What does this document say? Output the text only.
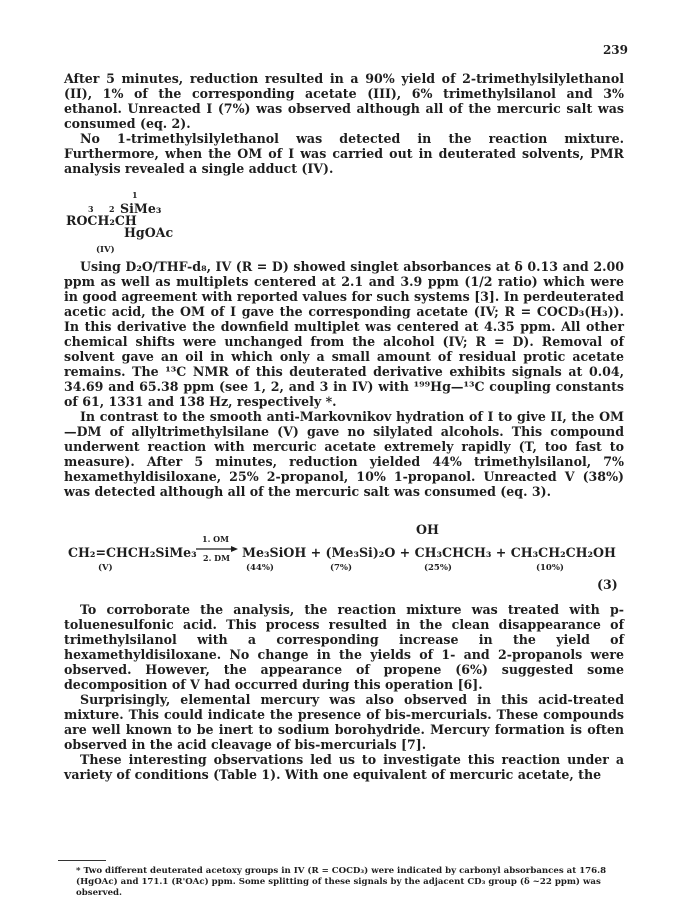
239

After 5 minutes, reduction resulted in a 90% yield of 2-trimethylsilylethanol (II), 1% of the corresponding acetate (III), 6% trimethylsilanol and 3% ethanol. Unreacted I (7%) was observed although all of the mercuric salt was consumed (eq. 2).

No 1-trimethylsilylethanol was detected in the reaction mixture. Furthermore, when the OM of I was carried out in deuterated solvents, PMR analysis revealed a single adduct (IV).

1
3 2
ROCH₂CH
SiMe₃
HgOAc
(IV)

Using D₂O/THF-d₈, IV (R = D) showed singlet absorbances at δ 0.13 and 2.00 ppm as well as multiplets centered at 2.1 and 3.9 ppm (1/2 ratio) which were in good agreement with reported values for such systems [3]. In perdeuterated acetic acid, the OM of I gave the corresponding acetate (IV; R = COCD₃(H₃)). In this derivative the downfield multiplet was centered at 4.35 ppm. All other chemical shifts were unchanged from the alcohol (IV; R = D). Removal of solvent gave an oil in which only a small amount of residual protic acetate remains. The ¹³C NMR of this deuterated derivative exhibits signals at 0.04, 34.69 and 65.38 ppm (see 1, 2, and 3 in IV) with ¹⁹⁹Hg—¹³C coupling constants of 61, 1331 and 138 Hz, respectively *.

In contrast to the smooth anti-Markovnikov hydration of I to give II, the OM—DM of allyltrimethylsilane (V) gave no silylated alcohols. This compound underwent reaction with mercuric acetate extremely rapidly (T, too fast to measure). After 5 minutes, reduction yielded 44% trimethylsilanol, 7% hexamethyldisiloxane, 25% 2-propanol, 10% 1-propanol. Unreacted V (38%) was detected although all of the mercuric salt was consumed (eq. 3).

OH
CH₂=CHCH₂SiMe₃
1. OM
2. DM Me₃SiOH + (Me₃Si)₂O + CH₃CHCH₃ + CH₃CH₂CH₂OH
(V)	(44%)	(7%)	(25%)	(10%)
(3)

To corroborate the analysis, the reaction mixture was treated with p-toluenesulfonic acid. This process resulted in the clean disappearance of trimethylsilanol with a corresponding increase in the yield of hexamethyldisiloxane. No change in the yields of 1- and 2-propanols were observed. However, the appearance of propene (6%) suggested some decomposition of V had occurred during this operation [6].

Surprisingly, elemental mercury was also observed in this acid-treated mixture. This could indicate the presence of bis-mercurials. These compounds are well known to be inert to sodium borohydride. Mercury formation is often observed in the acid cleavage of bis-mercurials [7].

These interesting observations led us to investigate this reaction under a variety of conditions (Table 1). With one equivalent of mercuric acetate, the

* Two different deuterated acetoxy groups in IV (R = COCD₃) were indicated by carbonyl absorbances at 176.8 (HgOAc) and 171.1 (R'OAc) ppm. Some splitting of these signals by the adjacent CD₃ group (δ ~22 ppm) was observed.
